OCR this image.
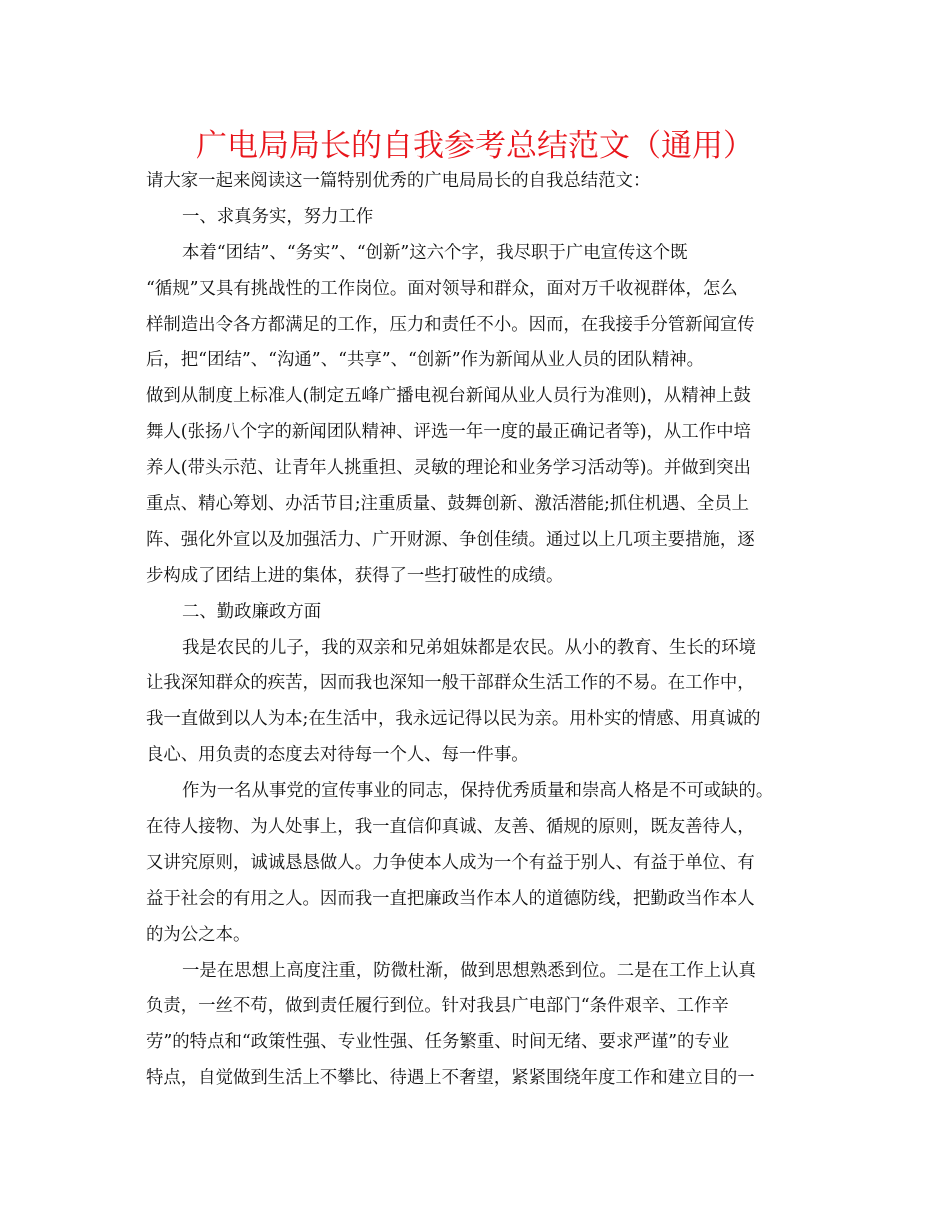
广电局局长的自我参考总结范文（通用）
请大家一起来阅读这一篇特别优秀的广电局局长的自我总结范文：
一、求真务实，努力工作
本着“团结”、“务实”、“创新”这六个字，我尽职于广电宣传这个既
“循规”又具有挑战性的工作岗位。面对领导和群众，面对万千收视群体，怎么
样制造出令各方都满足的工作，压力和责任不小。因而，在我接手分管新闻宣传
后，把“团结”、“沟通”、“共享”、“创新”作为新闻从业人员的团队精神。
做到从制度上标准人(制定五峰广播电视台新闻从业人员行为准则)，从精神上鼓
舞人(张扬八个字的新闻团队精神、评选一年一度的最正确记者等)，从工作中培
养人(带头示范、让青年人挑重担、灵敏的理论和业务学习活动等)。并做到突出
重点、精心筹划、办活节目;注重质量、鼓舞创新、激活潜能;抓住机遇、全员上
阵、强化外宣以及加强活力、广开财源、争创佳绩。通过以上几项主要措施，逐
步构成了团结上进的集体，获得了一些打破性的成绩。
二、勤政廉政方面
我是农民的儿子，我的双亲和兄弟姐妹都是农民。从小的教育、生长的环境
让我深知群众的疾苦，因而我也深知一般干部群众生活工作的不易。在工作中，
我一直做到以人为本;在生活中，我永远记得以民为亲。用朴实的情感、用真诚的
良心、用负责的态度去对待每一个人、每一件事。
作为一名从事党的宣传事业的同志，保持优秀质量和崇高人格是不可或缺的。
在待人接物、为人处事上，我一直信仰真诚、友善、循规的原则，既友善待人，
又讲究原则，诚诚恳恳做人。力争使本人成为一个有益于别人、有益于单位、有
益于社会的有用之人。因而我一直把廉政当作本人的道德防线，把勤政当作本人
的为公之本。
一是在思想上高度注重，防微杜渐，做到思想熟悉到位。二是在工作上认真
负责，一丝不苟，做到责任履行到位。针对我县广电部门“条件艰辛、工作辛
劳”的特点和“政策性强、专业性强、任务繁重、时间无绪、要求严谨”的专业
特点，自觉做到生活上不攀比、待遇上不奢望，紧紧围绕年度工作和建立目的一
